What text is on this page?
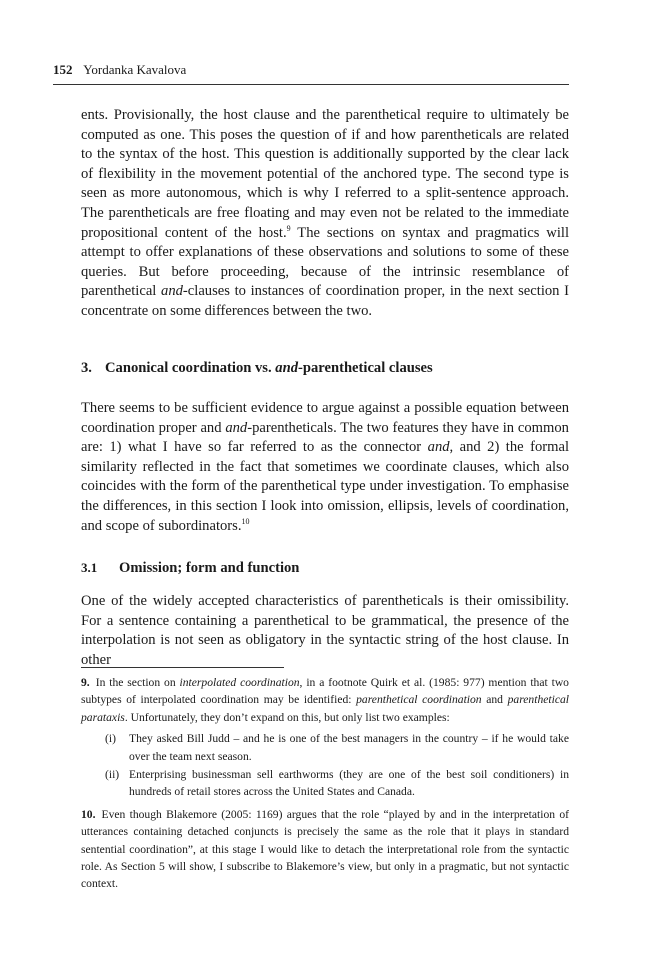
152 Yordanka Kavalova

ents. Provisionally, the host clause and the parenthetical require to ultimately be computed as one. This poses the question of if and how parentheticals are related to the syntax of the host. This question is additionally supported by the clear lack of flexibility in the movement potential of the anchored type. The second type is seen as more autonomous, which is why I referred to a split-sentence approach. The parentheticals are free floating and may even not be related to the immediate propositional content of the host.$^9$ The sections on syntax and pragmatics will attempt to offer explanations of these observations and solutions to some of these queries. But before proceeding, because of the intrinsic resemblance of parenthetical and-clauses to instances of coordination proper, in the next section I concentrate on some differences between the two.

3. Canonical coordination vs. and-parenthetical clauses

There seems to be sufficient evidence to argue against a possible equation between coordination proper and and-parentheticals. The two features they have in common are: 1) what I have so far referred to as the connector and, and 2) the formal similarity reflected in the fact that sometimes we coordinate clauses, which also coincides with the form of the parenthetical type under investigation. To emphasise the differences, in this section I look into omission, ellipsis, levels of coordination, and scope of subordinators.$^{10}$

3.1 Omission; form and function

One of the widely accepted characteristics of parentheticals is their omissibility. For a sentence containing a parenthetical to be grammatical, the presence of the interpolation is not seen as obligatory in the syntactic string of the host clause. In other

9. In the section on interpolated coordination, in a footnote Quirk et al. (1985: 977) mention that two subtypes of interpolated coordination may be identified: parenthetical coordination and parenthetical parataxis. Unfortunately, they don’t expand on this, but only list two examples:

(i) They asked Bill Judd – and he is one of the best managers in the country – if he would take over the team next season.

(ii) Enterprising businessman sell earthworms (they are one of the best soil conditioners) in hundreds of retail stores across the United States and Canada.

10. Even though Blakemore (2005: 1169) argues that the role “played by and in the interpretation of utterances containing detached conjuncts is precisely the same as the role that it plays in standard sentential coordination”, at this stage I would like to detach the interpretational role from the syntactic role. As Section 5 will show, I subscribe to Blakemore’s view, but only in a pragmatic, but not syntactic context.
